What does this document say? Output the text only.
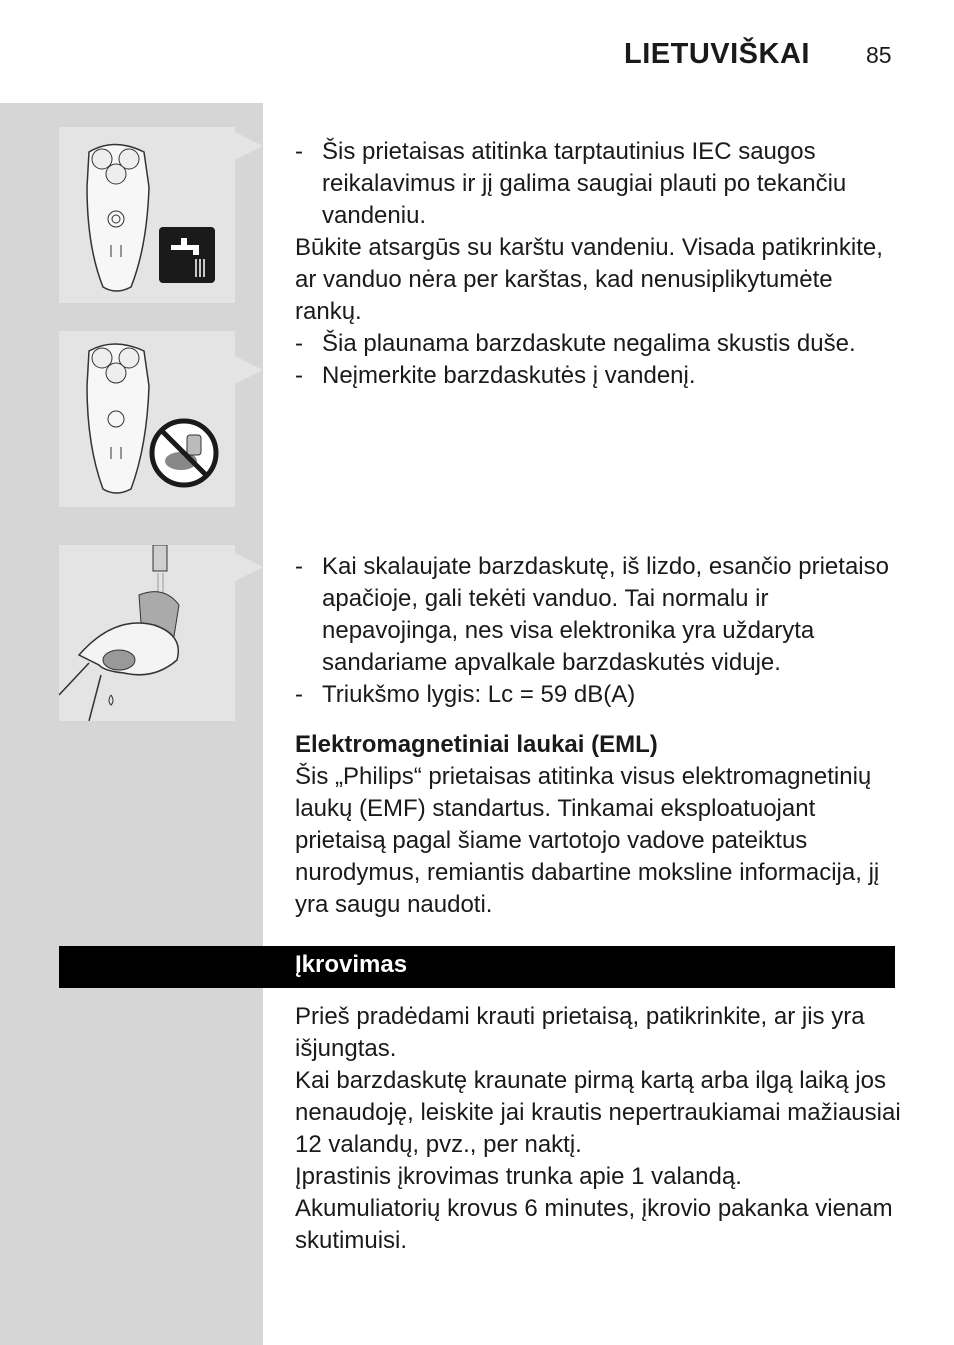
LIETUVIŠKAI 85
- Šis prietaisas atitinka tarptautinius IEC saugos reikalavimus ir jį galima saugiai plauti po tekančiu vandeniu.

Būkite atsargūs su karštu vandeniu. Visada patikrinkite, ar vanduo nėra per karštas, kad nenusiplikytumėte rankų.

- Šia plaunama barzdaskute negalima skustis duše.
- Neįmerkite barzdaskutės į vandenį.
- Kai skalaujate barzdaskutę, iš lizdo, esančio prietaiso apačioje, gali tekėti vanduo. Tai normalu ir nepavojinga, nes visa elektronika yra uždaryta sandariame apvalkale barzdaskutės viduje.
- Triukšmo lygis: Lc = 59 dB(A)

Elektromagnetiniai laukai (EML)

Šis „Philips“ prietaisas atitinka visus elektromagnetinių laukų (EMF) standartus. Tinkamai eksploatuojant prietaisą pagal šiame vartotojo vadove pateiktus nurodymus, remiantis dabartine moksline informacija, jį yra saugu naudoti.

Įkrovimas

Prieš pradėdami krauti prietaisą, patikrinkite, ar jis yra išjungtas.

Kai barzdaskutę kraunate pirmą kartą arba ilgą laiką jos nenaudoję, leiskite jai krautis nepertraukiamai mažiausiai 12 valandų, pvz., per naktį.

Įprastinis įkrovimas trunka apie 1 valandą.

Akumuliatorių krovus 6 minutes, įkrovio pakanka vienam skutimuisi.
